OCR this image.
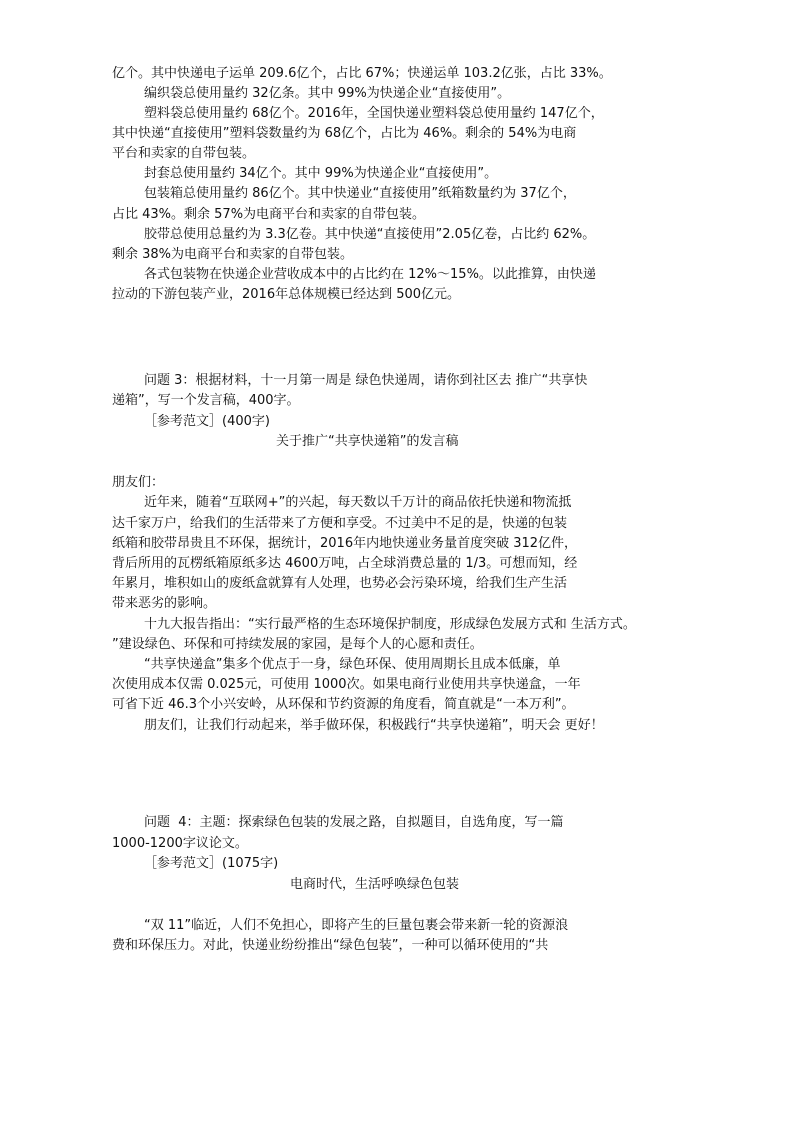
亿个。其中快递电子运单 209.6亿个，占比 67%；快递运单 103.2亿张，占比 33%。
编织袋总使用量约 32亿条。其中 99%为快递企业“直接使用”。
塑料袋总使用量约 68亿个。2016年，全国快递业塑料袋总使用量约 147亿个，
其中快递“直接使用”塑料袋数量约为 68亿个，占比为 46%。剩余的 54%为电商
平台和卖家的自带包装。
封套总使用量约 34亿个。其中 99%为快递企业“直接使用”。
包装箱总使用量约 86亿个。其中快递业“直接使用”纸箱数量约为 37亿个，
占比 43%。剩余 57%为电商平台和卖家的自带包装。
胶带总使用总量约为 3.3亿卷。其中快递“直接使用”2.05亿卷，占比约 62%。
剩余 38%为电商平台和卖家的自带包装。
各式包装物在快递企业营收成本中的占比约在 12%～15%。以此推算，由快递
拉动的下游包装产业，2016年总体规模已经达到 500亿元。
问题 3：根据材料，十一月第一周是 绿色快递周，请你到社区去 推广“共享快
递箱”，写一个发言稿，400字。
［参考范文］(400字)
关于推广“共享快递箱”的发言稿
朋友们：
近年来，随着“互联网+”的兴起，每天数以千万计的商品依托快递和物流抵
达千家万户，给我们的生活带来了方便和享受。不过美中不足的是，快递的包装
纸箱和胶带昂贵且不环保，据统计，2016年内地快递业务量首度突破 312亿件，
背后所用的瓦楞纸箱原纸多达 4600万吨，占全球消费总量的 1/3。可想而知，经
年累月，堆积如山的废纸盒就算有人处理，也势必会污染环境，给我们生产生活
带来恶劣的影响。
十九大报告指出：“实行最严格的生态环境保护制度，形成绿色发展方式和 生活方式。
”建设绿色、环保和可持续发展的家园，是每个人的心愿和责任。
“共享快递盒”集多个优点于一身，绿色环保、使用周期长且成本低廉，单
次使用成本仅需 0.025元，可使用 1000次。如果电商行业使用共享快递盒，一年
可省下近 46.3个小兴安岭，从环保和节约资源的角度看，简直就是“一本万利”。
朋友们，让我们行动起来，举手做环保，积极践行“共享快递箱”，明天会 更好！
问题  4：主题：探索绿色包装的发展之路，自拟题目，自选角度，写一篇
1000-1200字议论文。
［参考范文］(1075字)
电商时代，生活呼唤绿色包装
“双 11”临近，人们不免担心，即将产生的巨量包裹会带来新一轮的资源浪
费和环保压力。对此，快递业纷纷推出“绿色包装”，一种可以循环使用的“共
